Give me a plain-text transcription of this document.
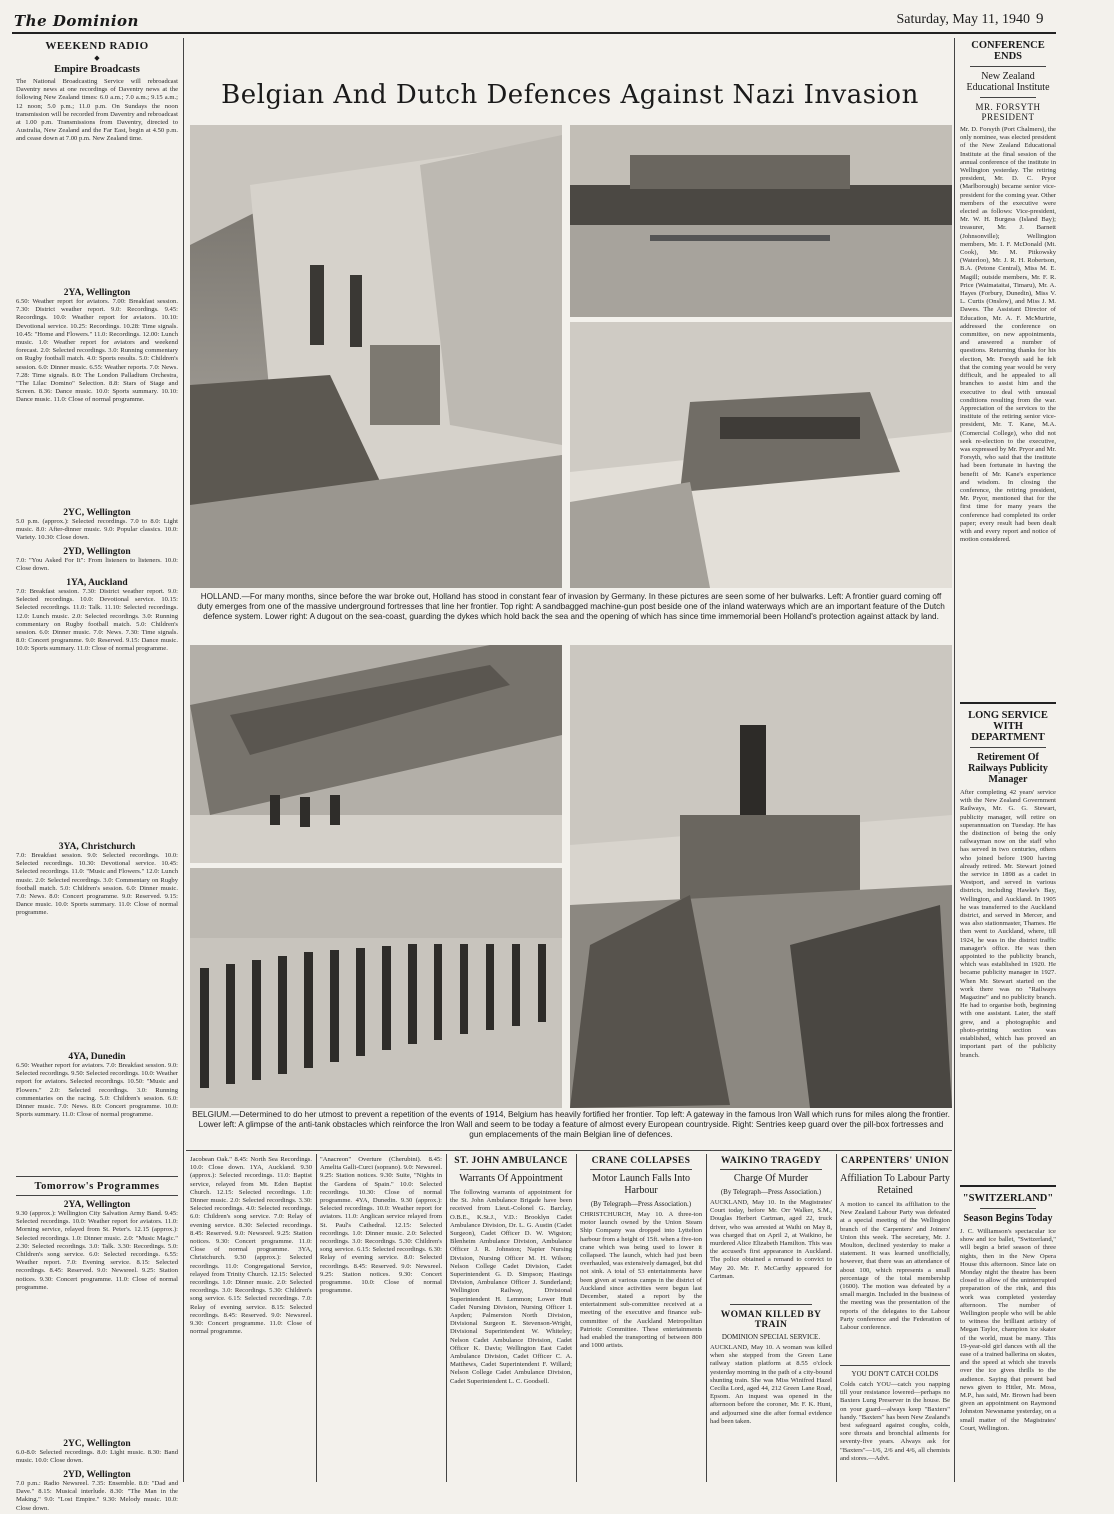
The Dominion	Saturday, May 11, 1940 9
WEEKEND RADIO
◆
Empire Broadcasts
The National Broadcasting Service will rebroadcast Daventry news at one recordings of Daventry news at the following New Zealand times: 6.0 a.m.; 7.0 a.m.; 9.15 a.m.; 12 noon; 5.0 p.m.; 11.0 p.m. On Sundays the noon transmission will be recorded from Daventry and rebroadcast at 1.00 p.m. Transmissions from Daventry, directed to Australia, New Zealand and the Far East, begin at 4.50 p.m. and cease down at 7.00 p.m. New Zealand time.
2YA, Wellington
6.50: Weather report for aviators. 7.00: Breakfast session. 7.30: District weather report. 9.0: Recordings. 9.45: Recordings. 10.0: Weather report for aviators. 10.10: Devotional service. 10.25: Recordings. 10.28: Time signals. 10.45: "Home and Flowers." 11.0: Recordings. 12.00: Lunch music. 1.0: Weather report for aviators and weekend forecast. 2.0: Selected recordings. 3.0: Running commentary on Rugby football match. 4.0: Sports results. 5.0: Children's session. 6.0: Dinner music. 6.55: Weather reports. 7.0: News. 7.28: Time signals. 8.0: The London Palladium Orchestra, "The Lilac Domino" Selection. 8.8: Stars of Stage and Screen. 8.36: Dance music. 10.0: Sports summary. 10.10: Dance music. 11.0: Close of normal programme.
2YC, Wellington
5.0 p.m. (approx.): Selected recordings. 7.0 to 8.0: Light music. 8.0: After-dinner music. 9.0: Popular classics. 10.0: Variety. 10.30: Close down.
2YD, Wellington
7.0: "You Asked For It": From listeners to listeners. 10.0: Close down.
1YA, Auckland
7.0: Breakfast session. 7.30: District weather report. 9.0: Selected recordings. 10.0: Devotional service. 10.15: Selected recordings. 11.0: Talk. 11.10: Selected recordings. 12.0: Lunch music. 2.0: Selected recordings. 3.0: Running commentary on Rugby football match. 5.0: Children's session. 6.0: Dinner music. 7.0: News. 7.30: Time signals. 8.0: Concert programme. 9.0: Reserved. 9.15: Dance music. 10.0: Sports summary. 11.0: Close of normal programme.
3YA, Christchurch
7.0: Breakfast session. 9.0: Selected recordings. 10.0: Selected recordings. 10.30: Devotional service. 10.45: Selected recordings. 11.0: "Music and Flowers." 12.0: Lunch music. 2.0: Selected recordings. 3.0: Commentary on Rugby football match. 5.0: Children's session. 6.0: Dinner music. 7.0: News. 8.0: Concert programme. 9.0: Reserved. 9.15: Dance music. 10.0: Sports summary. 11.0: Close of normal programme.
4YA, Dunedin
6.50: Weather report for aviators. 7.0: Breakfast session. 9.0: Selected recordings. 9.50: Selected recordings. 10.0: Weather report for aviators. Selected recordings. 10.50: "Music and Flowers." 2.0: Selected recordings. 3.0: Running commentaries on the racing. 5.0: Children's session. 6.0: Dinner music. 7.0: News. 8.0: Concert programme. 10.0: Sports summary. 11.0: Close of normal programme.
Tomorrow's Programmes
2YA, Wellington
9.30 (approx.): Wellington City Salvation Army Band. 9.45: Selected recordings. 10.0: Weather report for aviators. 11.0: Morning service, relayed from St. Peter's. 12.15 (approx.): Selected recordings. 1.0: Dinner music. 2.0: "Music Magic." 2.30: Selected recordings. 3.0: Talk. 3.30: Recordings. 5.0: Children's song service. 6.0: Selected recordings. 6.55: Weather report. 7.0: Evening service. 8.15: Selected recordings. 8.45: Reserved. 9.0: Newsreel. 9.25: Station notices. 9.30: Concert programme. 11.0: Close of normal programme.
2YC, Wellington
6.0-8.0: Selected recordings. 8.0: Light music. 8.30: Band music. 10.0: Close down.
2YD, Wellington
7.0 p.m.: Radio Newsreel. 7.35: Ensemble. 8.0: "Dad and Dave." 8.15: Musical interlude. 8.30: "The Man in the Making." 9.0: "Lost Empire." 9.30: Melody music. 10.0: Close down.
Belgian And Dutch Defences Against Nazi Invasion
HOLLAND.—For many months, since before the war broke out, Holland has stood in constant fear of invasion by Germany. In these pictures are seen some of her bulwarks. Left: A frontier guard coming off duty emerges from one of the massive underground fortresses that line her frontier. Top right: A sandbagged machine-gun post beside one of the inland waterways which are an important feature of the Dutch defence system. Lower right: A dugout on the sea-coast, guarding the dykes which hold back the sea and the opening of which has since time immemorial been Holland's protection against attack by land.
BELGIUM.—Determined to do her utmost to prevent a repetition of the events of 1914, Belgium has heavily fortified her frontier. Top left: A gateway in the famous Iron Wall which runs for miles along the frontier. Lower left: A glimpse of the anti-tank obstacles which reinforce the Iron Wall and seem to be today a feature of almost every European countryside. Right: Sentries keep guard over the pill-box fortresses and gun emplacements of the main Belgian line of defences.
Jacobean Oak." 8.45: North Sea Recordings. 10.0: Close down. 1YA, Auckland. 9.30 (approx.): Selected recordings. 11.0: Baptist service, relayed from Mt. Eden Baptist Church. 12.15: Selected recordings. 1.0: Dinner music. 2.0: Selected recordings. 3.30: Selected recordings. 4.0: Selected recordings. 6.0: Children's song service. 7.0: Relay of evening service. 8.30: Selected recordings. 8.45: Reserved. 9.0: Newsreel. 9.25: Station notices. 9.30: Concert programme. 11.0: Close of normal programme. 3YA, Christchurch. 9.30 (approx.): Selected recordings. 11.0: Congregational Service, relayed from Trinity Church. 12.15: Selected recordings. 1.0: Dinner music. 2.0: Selected recordings. 3.0: Recordings. 5.30: Children's song service. 6.15: Selected recordings. 7.0: Relay of evening service. 8.15: Selected recordings. 8.45: Reserved. 9.0: Newsreel. 9.30: Concert programme. 11.0: Close of normal programme.
"Anacreon" Overture (Cherubini). 8.45: Amelita Galli-Curci (soprano). 9.0: Newsreel. 9.25: Station notices. 9.30: Suite, "Nights in the Gardens of Spain." 10.0: Selected recordings. 10.30: Close of normal programme. 4YA, Dunedin. 9.30 (approx.): Selected recordings. 10.0: Weather report for aviators. 11.0: Anglican service relayed from St. Paul's Cathedral. 12.15: Selected recordings. 1.0: Dinner music. 2.0: Selected recordings. 3.0: Recordings. 5.30: Children's song service. 6.15: Selected recordings. 6.30: Relay of evening service. 8.0: Selected recordings. 8.45: Reserved. 9.0: Newsreel. 9.25: Station notices. 9.30: Concert programme. 10.0: Close of normal programme.
ST. JOHN AMBULANCE
Warrants Of Appointment
The following warrants of appointment for the St. John Ambulance Brigade have been received from Lieut.-Colonel G. Barclay, O.B.E., K.St.J., V.D.: Brooklyn Cadet Ambulance Division, Dr. L. G. Austin (Cadet Surgeon), Cadet Officer D. W. Wigston; Blenheim Ambulance Division, Ambulance Officer J. R. Johnston; Napier Nursing Division, Nursing Officer M. H. Wilson; Nelson College Cadet Division, Cadet Superintendent G. D. Simpson; Hastings Division, Ambulance Officer J. Sunderland; Wellington Railway, Divisional Superintendent H. Lemmon; Lower Hutt Cadet Nursing Division, Nursing Officer I. Aspden; Palmerston North Division, Divisional Surgeon E. Stevenson-Wright, Divisional Superintendent W. Whiteley; Nelson Cadet Ambulance Division, Cadet Officer K. Davis; Wellington East Cadet Ambulance Division, Cadet Officer C. A. Matthews, Cadet Superintendent F. Willard; Nelson College Cadet Ambulance Division, Cadet Superintendent L. C. Goodsell.
CRANE COLLAPSES
Motor Launch Falls Into Harbour
(By Telegraph—Press Association.)
CHRISTCHURCH, May 10. A three-ton motor launch owned by the Union Steam Ship Company was dropped into Lyttelton harbour from a height of 15ft. when a five-ton crane which was being used to lower it collapsed. The launch, which had just been overhauled, was extensively damaged, but did not sink. A total of 53 entertainments have been given at various camps in the district of Auckland since activities were begun last December, stated a report by the entertainment sub-committee received at a meeting of the executive and finance sub-committee of the Auckland Metropolitan Patriotic Committee. These entertainments had enabled the transporting of between 800 and 1000 artists.
WAIKINO TRAGEDY
Charge Of Murder
(By Telegraph—Press Association.)
AUCKLAND, May 10. In the Magistrates' Court today, before Mr. Orr Walker, S.M., Douglas Herbert Cartman, aged 22, truck driver, who was arrested at Waihi on May 8, was charged that on April 2, at Waikino, he murdered Alice Elizabeth Hamilton. This was the accused's first appearance in Auckland. The police obtained a remand to convict to May 20. Mr. F. McCarthy appeared for Cartman.
WOMAN KILLED BY TRAIN
DOMINION SPECIAL SERVICE.
AUCKLAND, May 10. A woman was killed when she stepped from the Green Lane railway station platform at 8.55 o'clock yesterday morning in the path of a city-bound shunting train. She was Miss Winifred Hazel Cecilia Lord, aged 44, 212 Green Lane Road, Epsom. An inquest was opened in the afternoon before the coroner, Mr. F. K. Hunt, and adjourned sine die after formal evidence had been taken.
CARPENTERS' UNION
Affiliation To Labour Party Retained
A motion to cancel its affiliation to the New Zealand Labour Party was defeated at a special meeting of the Wellington branch of the Carpenters' and Joiners' Union this week. The secretary, Mr. J. Moulton, declined yesterday to make a statement. It was learned unofficially, however, that there was an attendance of about 100, which represents a small percentage of the total membership (1600). The motion was defeated by a small margin. Included in the business of the meeting was the presentation of the reports of the delegates to the Labour Party conference and the Federation of Labour conference.
YOU DON'T CATCH COLDS
Colds catch YOU—catch you napping till your resistance lowered—perhaps no Baxters Lung Preserver in the house. Be on your guard—always keep "Baxters" handy. "Baxters" has been New Zealand's best safeguard against coughs, colds, sore throats and bronchial ailments for seventy-five years. Always ask for "Baxters"—1/6, 2/6 and 4/6, all chemists and stores.—Advt.
CONFERENCE ENDS
New Zealand Educational Institute
MR. FORSYTH PRESIDENT
Mr. D. Forsyth (Port Chalmers), the only nominee, was elected president of the New Zealand Educational Institute at the final session of the annual conference of the institute in Wellington yesterday. The retiring president, Mr. D. C. Pryor (Marlborough) became senior vice-president for the coming year. Other members of the executive were elected as follows: Vice-president, Mr. W. H. Burgess (Island Bay); treasurer, Mr. J. Barnett (Johnsonville); Wellington members, Mr. I. F. McDonald (Mt. Cook), Mr. M. Pitkowsky (Waterloo), Mr. J. R. H. Robertson, B.A. (Petone Central), Miss M. E. Magill; outside members, Mr. F. R. Price (Waimataitai, Timaru), Mr. A. Hayes (Forbury, Dunedin), Miss V. L. Curtis (Onslow), and Miss J. M. Dawes. The Assistant Director of Education, Mr. A. F. McMurtrie, addressed the conference on committee, on new appointments, and answered a number of questions. Returning thanks for his election, Mr. Forsyth said he felt that the coming year would be very difficult, and he appealed to all branches to assist him and the executive to deal with unusual conditions resulting from the war. Appreciation of the services to the institute of the retiring senior vice-president, Mr. T. Kane, M.A. (Comercial College), who did not seek re-election to the executive, was expressed by Mr. Pryor and Mr. Forsyth, who said that the institute had been fortunate in having the benefit of Mr. Kane's experience and wisdom. In closing the conference, the retiring president, Mr. Pryor, mentioned that for the first time for many years the conference had completed its order paper; every result had been dealt with and every report and notice of motion considered.
LONG SERVICE WITH DEPARTMENT
Retirement Of Railways Publicity Manager
After completing 42 years' service with the New Zealand Government Railways, Mr. G. G. Stewart, publicity manager, will retire on superannuation on Tuesday. He has the distinction of being the only railwayman now on the staff who has served in two centuries, others who joined before 1900 having already retired. Mr. Stewart joined the service in 1898 as a cadet in Westport, and served in various districts, including Hawke's Bay, Wellington, and Auckland. In 1905 he was transferred to the Auckland district, and served in Mercer, and was also stationmaster, Thames. He then went to Auckland, where, till 1924, he was in the district traffic manager's office. He was then appointed to the publicity branch, which was established in 1920. He became publicity manager in 1927. When Mr. Stewart started on the work there was no "Railways Magazine" and no publicity branch. He had to organise both, beginning with one assistant. Later, the staff grew, and a photographic and photo-printing section was established, which has proved an important part of the publicity branch.
"SWITZERLAND"
Season Begins Today
J. C. Williamson's spectacular ice show and ice ballet, "Switzerland," will begin a brief season of three nights, then in the New Opera House this afternoon. Since late on Monday night the theatre has been closed to allow of the uninterrupted preparation of the rink, and this work was completed yesterday afternoon. The number of Wellington people who will be able to witness the brilliant artistry of Megan Taylor, champion ice skater of the world, must be many. This 19-year-old girl dances with all the ease of a trained ballerina on skates, and the speed at which she travels over the ice gives thrills to the audience. Saying that present bad news given to Hitler, Mr. Moss, M.P., has said, Mr. Brown had been given an appointment on Raymond Johnston Newsname yesterday, on a small matter of the Magistrates' Court, Wellington.
